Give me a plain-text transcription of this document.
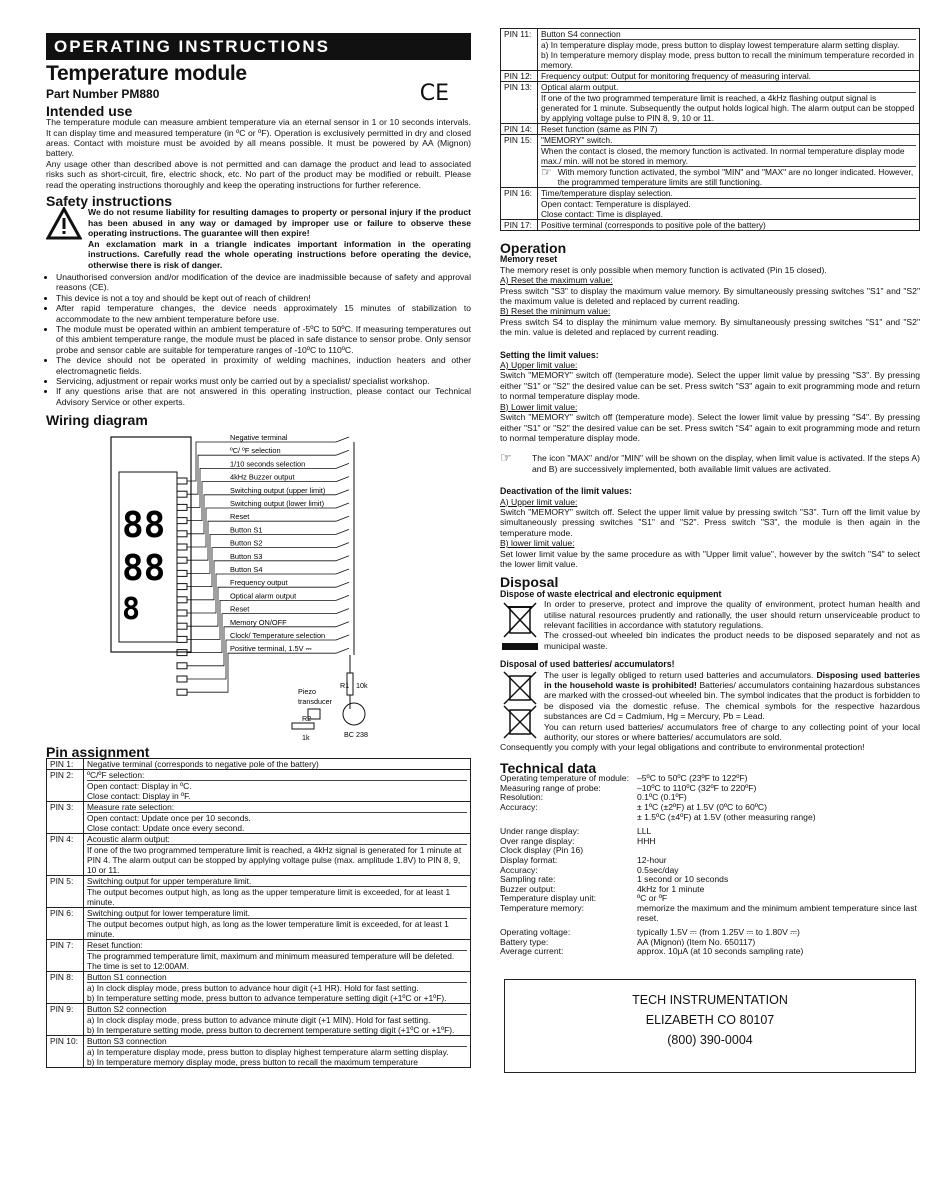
OPERATING INSTRUCTIONS
Temperature module
Part Number PM880	CE
Intended use

The temperature module can measure ambient temperature via an eternal sensor in 1 or 10 seconds intervals. It can display time and measured temperature (in ºC or ºF). Operation is exclusively permitted in dry and closed areas. Contact with moisture must be avoided by all means possible. It must be powered by AA (Mignon) battery.

Any usage other than described above is not permitted and can damage the product and lead to associated risks such as short-circuit, fire, electric shock, etc. No part of the product may be modified or rebuilt. Please read the operating instructions thoroughly and keep the operating instructions for further reference.

Safety instructions

We do not resume liability for resulting damages to property or personal injury if the product has been abused in any way or damaged by improper use or failure to observe these operating instructions. The guarantee will then expire!

An exclamation mark in a triangle indicates important information in the operating instructions. Carefully read the whole operating instructions before operating the device, otherwise there is risk of danger.

• Unauthorised conversion and/or modification of the device are inadmissible because of safety and approval reasons (CE).
• This device is not a toy and should be kept out of reach of children!
• After rapid temperature changes, the device needs approximately 15 minutes of stabilization to accommodate to the new ambient temperature before use.
• The module must be operated within an ambient temperature of -5ºC to 50ºC. If measuring temperatures out of this ambient temperature range, the module must be placed in safe distance to sensor probe. Only sensor probe and sensor cable are suitable for temperature ranges of -10ºC to 110ºC.
• The device should not be operated in proximity of welding machines, induction heaters and other electromagnetic fields.
• Servicing, adjustment or repair works must only be carried out by a specialist/ specialist workshop.
• If any questions arise that are not answered in this operating instruction, please contact our Technical Advisory Service or other experts.
Wiring diagram
88
88
8
Negative terminal
ºC/ ºF selection
1/10 seconds selection
4kHz Buzzer output
Switching output (upper limit)
Switching output (lower limit)
Reset
Button S1
Button S2
Button S3
Button S4
Frequency output
Optical alarm output
Reset
Memory ON/OFF
Clock/ Temperature selection
Positive terminal, 1.5V ⎓
R1 10k
Piezo
transducer
BC 238
R2
1k
Pin assignment
PIN 1:	Negative terminal (corresponds to negative pole of the battery)

PIN 2:	ºC/ºF selection:
Open contact: Display in ºC.
Close contact: Display in ºF.

PIN 3:	Measure rate selection:
Open contact: Update once per 10 seconds.
Close contact: Update once every second.

PIN 4:	Acoustic alarm output:
If one of the two programmed temperature limit is reached, a 4kHz signal is generated for 1 minute at PIN 4. The alarm output can be stopped by applying voltage pulse (max. amplitude 1.8V) to PIN 8, 9, 10 or 11.

PIN 5:	Switching output for upper temperature limit.
The output becomes output high, as long as the upper temperature limit is exceeded, for at least 1 minute.

PIN 6:	Switching output for lower temperature limit.
The output becomes output high, as long as the lower temperature limit is exceeded, for at least 1 minute.

PIN 7:	Reset function:
The programmed temperature limit, maximum and minimum measured temperature will be deleted. The time is set to 12:00AM.

PIN 8:	Button S1 connection
a) In clock display mode, press button to advance hour digit (+1 HR). Hold for fast setting.
b) In temperature setting mode, press button to advance temperature setting digit (+1ºC or +1ºF).

PIN 9:	Button S2 connection
a) In clock display mode, press button to advance minute digit (+1 MIN). Hold for fast setting.
b) In temperature setting mode, press button to decrement temperature setting digit (+1ºC or +1ºF).

PIN 10:	Button S3 connection
a) In temperature display mode, press button to display highest temperature alarm setting display.
b) In temperature memory display mode, press button to recall the maximum temperature
PIN 11:	Button S4 connection
a) In temperature display mode, press button to display lowest temperature alarm setting display.
b) In temperature memory display mode, press button to recall the minimum temperature recorded in memory.

PIN 12:	Frequency output: Output for monitoring frequency of measuring interval.

PIN 13:	Optical alarm output.
If one of the two programmed temperature limit is reached, a 4kHz flashing output signal is generated for 1 minute. Subsequently the output holds logical high. The alarm output can be stopped by applying voltage pulse to PIN 8, 9, 10 or 11.

PIN 14:	Reset function (same as PIN 7)

PIN 15:	"MEMORY" switch.
When the contact is closed, the memory function is activated. In normal temperature display mode max./ min. will not be stored in memory.
☞ With memory function activated, the symbol "MIN" and "MAX" are no longer indicated. However, the programmed temperature limits are still functioning.

PIN 16:	Time/temperature display selection.
Open contact: Temperature is displayed.
Close contact: Time is displayed.

PIN 17:	Positive terminal (corresponds to positive pole of the battery)
Operation
Memory reset

The memory reset is only possible when memory function is activated (Pin 15 closed).

A) Reset the maximum value:

Press switch "S3" to display the maximum value memory. By simultaneously pressing switches "S1" and "S2" the maximum value is deleted and replaced by current reading.

B) Reset the minimum value:

Press switch S4 to display the minimum value memory. By simultaneously pressing switches "S1" and "S2" the min. value is deleted and replaced by current reading.

Setting the limit values:

A) Upper limit value:

Switch "MEMORY" switch off (temperature mode). Select the upper limit value by pressing "S3". By pressing either "S1" or "S2" the desired value can be set. Press switch "S3" again to exit programming mode and return to normal temperature display mode.

B) Lower limit value:

Switch "MEMORY" switch off (temperature mode). Select the lower limit value by pressing "S4". By pressing either "S1" or "S2" the desired value can be set. Press switch "S4" again to exit programming mode and return to normal temperature display mode.

☞	The icon "MAX" and/or "MIN" will be shown on the display, when limit value is activated. If the steps A) and B) are successively implemented, both available limit values are activated.

Deactivation of the limit values:

A) Upper limit value:

Switch "MEMORY" switch off. Select the upper limit value by pressing switch "S3". Turn off the limit value by simultaneously pressing switches "S1" and "S2". Press switch "S3", the module is then again in the temperature mode.

B) lower limit value:

Set lower limit value by the same procedure as with "Upper limit value", however by the switch "S4" to select the lower limit value.

Disposal
Dispose of waste electrical and electronic equipment

In order to preserve, protect and improve the quality of environment, protect human health and utilise natural resources prudently and rationally, the user should return unserviceable product to relevant facilities in accordance with statutory regulations.

The crossed-out wheeled bin indicates the product needs to be disposed separately and not as municipal waste.

Disposal of used batteries/ accumulators!

The user is legally obliged to return used batteries and accumulators. Disposing used batteries in the household waste is prohibited! Batteries/ accumulators containing hazardous substances are marked with the crossed-out wheeled bin. The symbol indicates that the product is forbidden to be disposed via the domestic refuse. The chemical symbols for the respective hazardous substances are Cd = Cadmium, Hg = Mercury, Pb = Lead.

You can return used batteries/ accumulators free of charge to any collecting point of your local authority, our stores or where batteries/ accumulators are sold.

Consequently you comply with your legal obligations and contribute to environmental protection!

Technical data
Operating temperature of module: –5ºC to 50ºC (23ºF to 122ºF)
Measuring range of probe:	–10ºC to 110ºC (32ºF to 220ºF)
Resolution:	0.1ºC (0.1ºF)
Accuracy:	± 1ºC (±2ºF) at 1.5V (0ºC to 60ºC)
± 1.5ºC (±4ºF) at 1.5V (other measuring range)
Under range display:	LLL
Over range display:	HHH
Clock display (Pin 16)
Display format:	12-hour
Accuracy:	0.5sec/day
Sampling rate:	1 second or 10 seconds
Buzzer output:	4kHz for 1 minute
Temperature display unit:	ºC or ºF
Temperature memory:	memorize the maximum and the minimum ambient temperature since last reset.
Operating voltage:	typically 1.5V ⎓ (from 1.25V ⎓ to 1.80V ⎓)
Battery type:	AA (Mignon) (Item No. 650117)
Average current:	approx. 10µA (at 10 seconds sampling rate)
TECH INSTRUMENTATION
ELIZABETH CO 80107
(800) 390-0004
